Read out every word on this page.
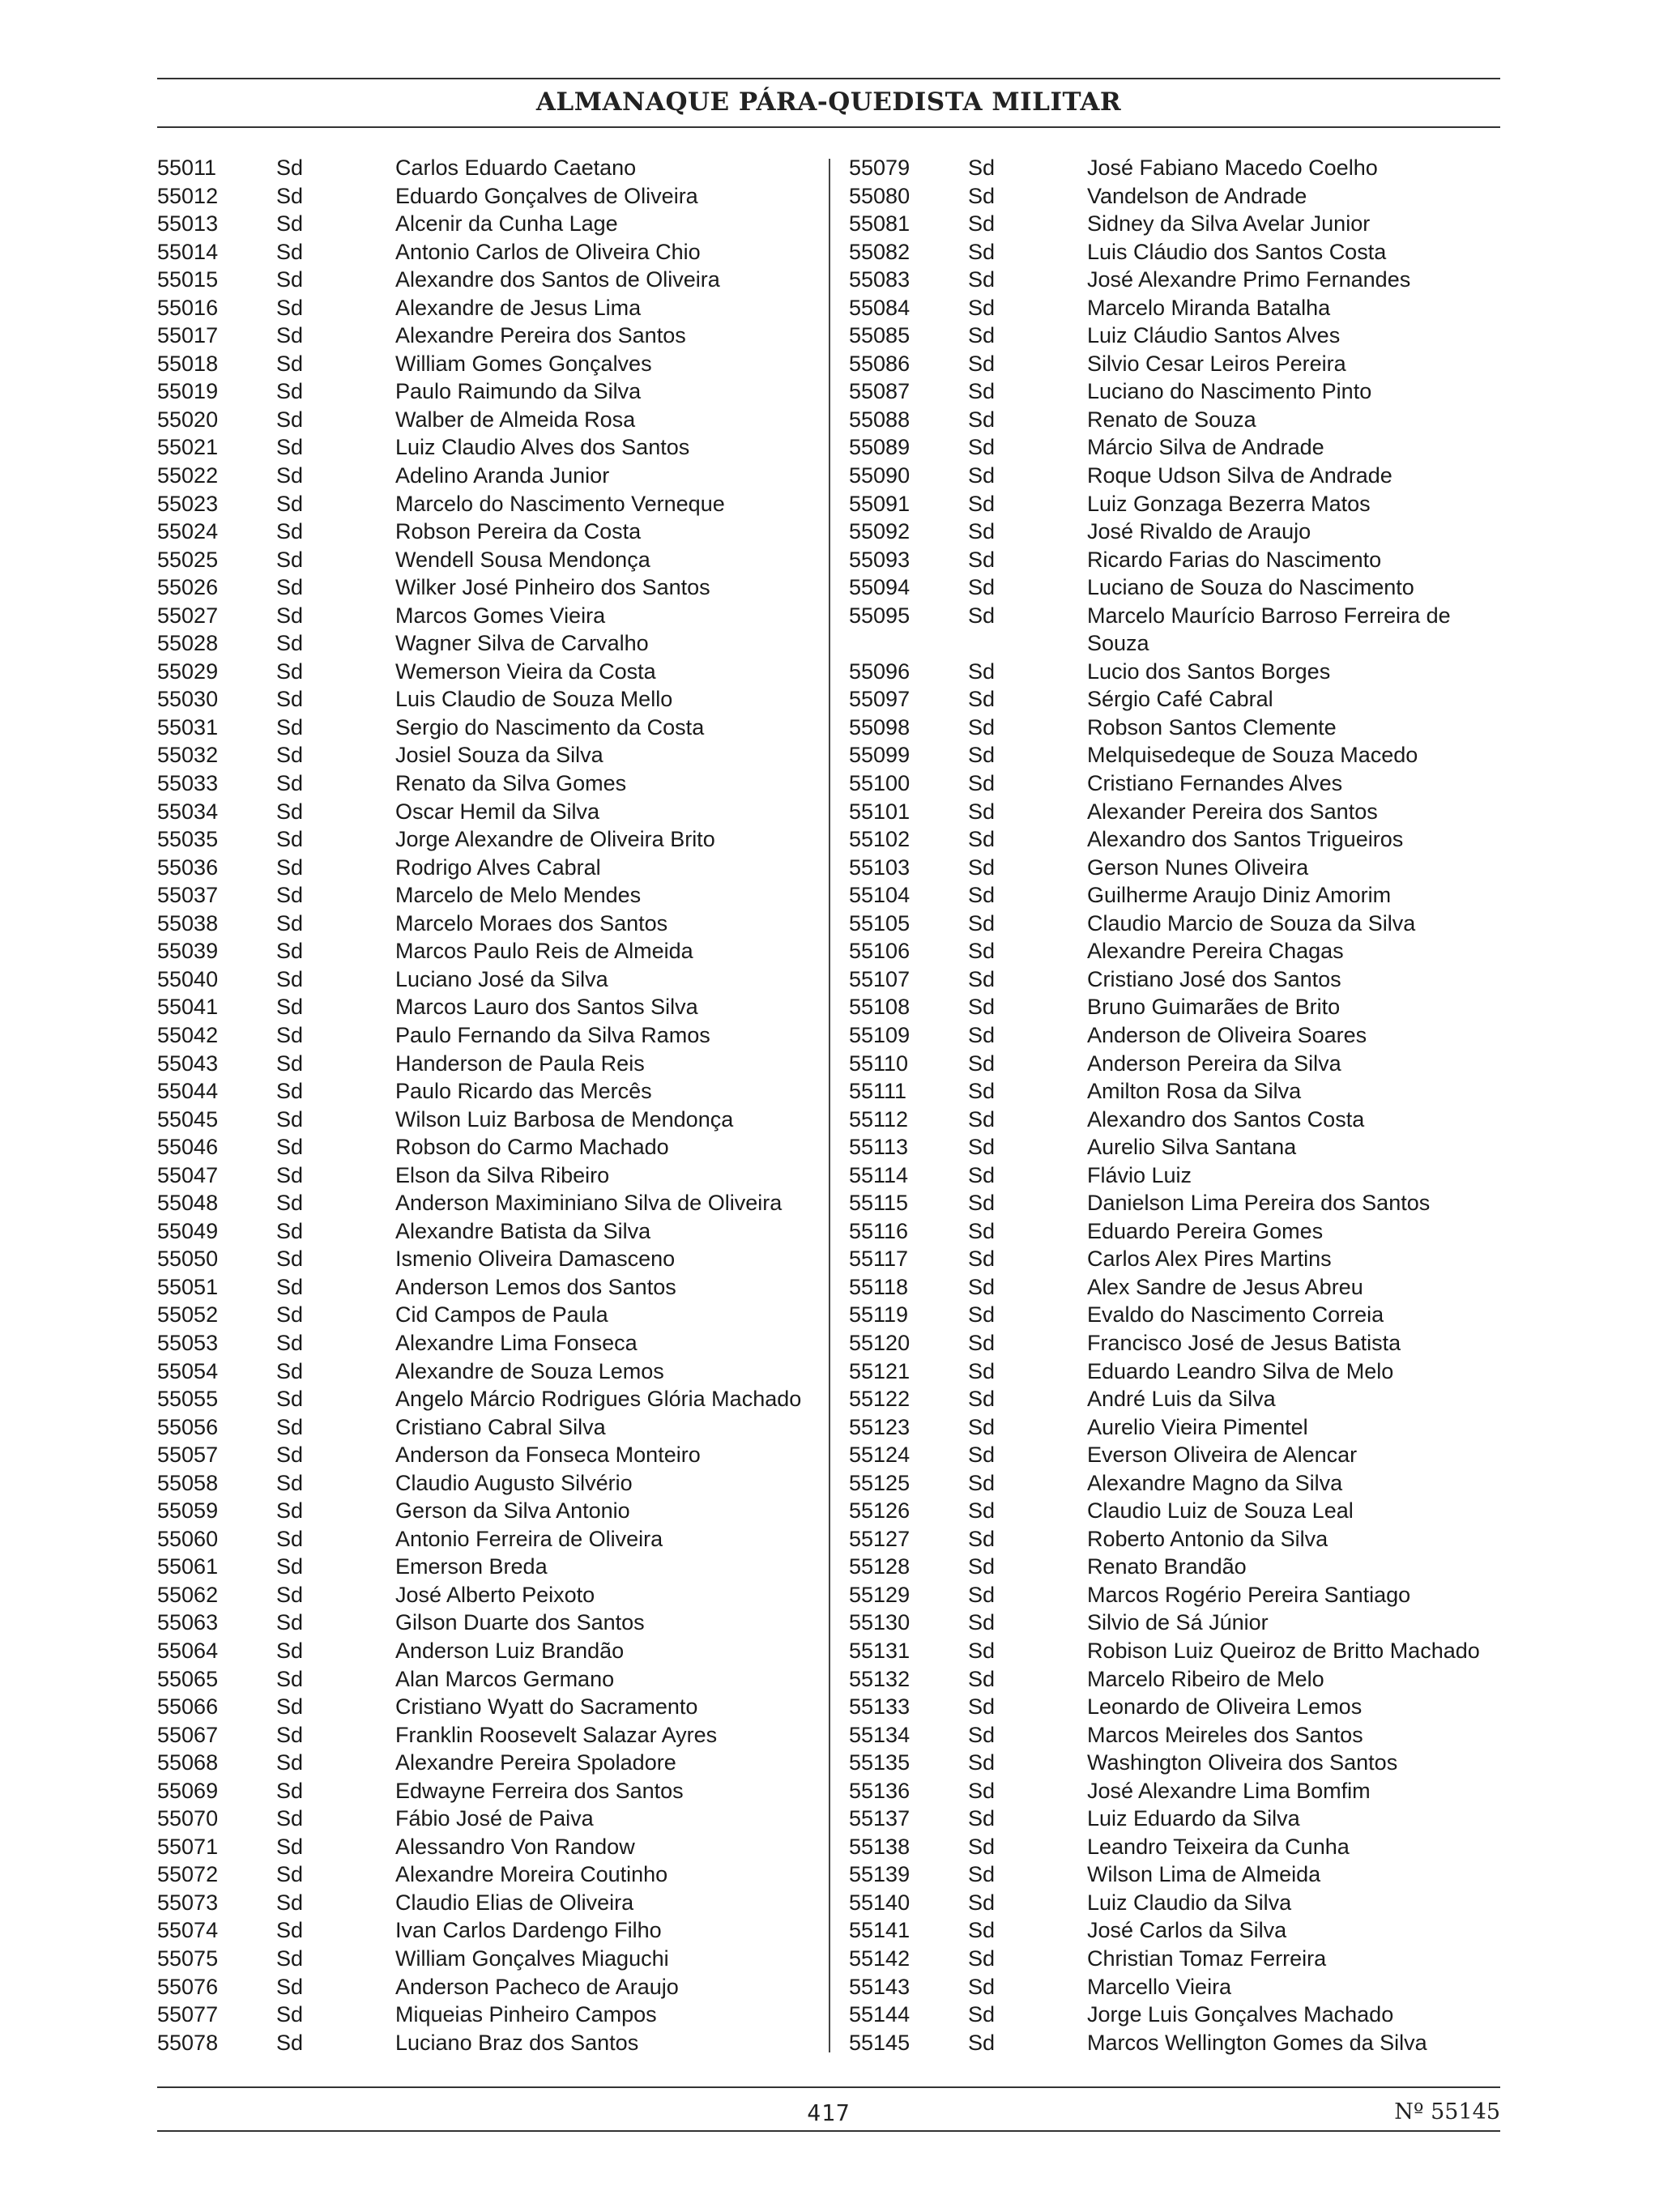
ALMANAQUE PÁRA-QUEDISTA MILITAR
55011	Sd	Carlos Eduardo Caetano
55012	Sd	Eduardo Gonçalves de Oliveira
55013	Sd	Alcenir da Cunha Lage
55014	Sd	Antonio Carlos de Oliveira Chio
55015	Sd	Alexandre dos Santos de Oliveira
55016	Sd	Alexandre de Jesus Lima
55017	Sd	Alexandre Pereira dos Santos
55018	Sd	William Gomes Gonçalves
55019	Sd	Paulo Raimundo da Silva
55020	Sd	Walber de Almeida Rosa
55021	Sd	Luiz Claudio Alves dos Santos
55022	Sd	Adelino Aranda Junior
55023	Sd	Marcelo do Nascimento Verneque
55024	Sd	Robson Pereira da Costa
55025	Sd	Wendell Sousa Mendonça
55026	Sd	Wilker José Pinheiro dos Santos
55027	Sd	Marcos Gomes Vieira
55028	Sd	Wagner Silva de Carvalho
55029	Sd	Wemerson Vieira da Costa
55030	Sd	Luis Claudio de Souza Mello
55031	Sd	Sergio do Nascimento da Costa
55032	Sd	Josiel Souza da Silva
55033	Sd	Renato da Silva Gomes
55034	Sd	Oscar Hemil da Silva
55035	Sd	Jorge Alexandre de Oliveira Brito
55036	Sd	Rodrigo Alves Cabral
55037	Sd	Marcelo de Melo Mendes
55038	Sd	Marcelo Moraes dos Santos
55039	Sd	Marcos Paulo Reis de Almeida
55040	Sd	Luciano José da Silva
55041	Sd	Marcos Lauro dos Santos Silva
55042	Sd	Paulo Fernando da Silva Ramos
55043	Sd	Handerson de Paula Reis
55044	Sd	Paulo Ricardo das Mercês
55045	Sd	Wilson Luiz Barbosa de Mendonça
55046	Sd	Robson do Carmo Machado
55047	Sd	Elson da Silva Ribeiro
55048	Sd	Anderson Maximiniano Silva de Oliveira
55049	Sd	Alexandre Batista da Silva
55050	Sd	Ismenio Oliveira Damasceno
55051	Sd	Anderson Lemos dos Santos
55052	Sd	Cid Campos de Paula
55053	Sd	Alexandre Lima Fonseca
55054	Sd	Alexandre de Souza Lemos
55055	Sd	Angelo Márcio Rodrigues Glória Machado
55056	Sd	Cristiano Cabral Silva
55057	Sd	Anderson da Fonseca Monteiro
55058	Sd	Claudio Augusto Silvério
55059	Sd	Gerson da Silva Antonio
55060	Sd	Antonio Ferreira de Oliveira
55061	Sd	Emerson Breda
55062	Sd	José Alberto Peixoto
55063	Sd	Gilson Duarte dos Santos
55064	Sd	Anderson Luiz Brandão
55065	Sd	Alan Marcos Germano
55066	Sd	Cristiano Wyatt do Sacramento
55067	Sd	Franklin Roosevelt Salazar Ayres
55068	Sd	Alexandre Pereira Spoladore
55069	Sd	Edwayne Ferreira dos Santos
55070	Sd	Fábio José de Paiva
55071	Sd	Alessandro Von Randow
55072	Sd	Alexandre Moreira Coutinho
55073	Sd	Claudio Elias de Oliveira
55074	Sd	Ivan Carlos Dardengo Filho
55075	Sd	William Gonçalves Miaguchi
55076	Sd	Anderson Pacheco de Araujo
55077	Sd	Miqueias Pinheiro Campos
55078	Sd	Luciano Braz dos Santos
55079	Sd	José Fabiano Macedo Coelho
55080	Sd	Vandelson de Andrade
55081	Sd	Sidney da Silva Avelar Junior
55082	Sd	Luis Cláudio dos Santos Costa
55083	Sd	José Alexandre Primo Fernandes
55084	Sd	Marcelo Miranda Batalha
55085	Sd	Luiz Cláudio Santos Alves
55086	Sd	Silvio Cesar Leiros Pereira
55087	Sd	Luciano do Nascimento Pinto
55088	Sd	Renato de Souza
55089	Sd	Márcio Silva de Andrade
55090	Sd	Roque Udson Silva de Andrade
55091	Sd	Luiz Gonzaga Bezerra Matos
55092	Sd	José Rivaldo de Araujo
55093	Sd	Ricardo Farias do Nascimento
55094	Sd	Luciano de Souza do Nascimento
55095	Sd	Marcelo Maurício Barroso Ferreira de Souza
55096	Sd	Lucio dos Santos Borges
55097	Sd	Sérgio Café Cabral
55098	Sd	Robson Santos Clemente
55099	Sd	Melquisedeque de Souza Macedo
55100	Sd	Cristiano Fernandes Alves
55101	Sd	Alexander Pereira dos Santos
55102	Sd	Alexandro dos Santos Trigueiros
55103	Sd	Gerson Nunes Oliveira
55104	Sd	Guilherme Araujo Diniz Amorim
55105	Sd	Claudio Marcio de Souza da Silva
55106	Sd	Alexandre Pereira Chagas
55107	Sd	Cristiano José dos Santos
55108	Sd	Bruno Guimarães de Brito
55109	Sd	Anderson de Oliveira Soares
55110	Sd	Anderson Pereira da Silva
55111	Sd	Amilton Rosa da Silva
55112	Sd	Alexandro dos Santos Costa
55113	Sd	Aurelio Silva Santana
55114	Sd	Flávio Luiz
55115	Sd	Danielson Lima Pereira dos Santos
55116	Sd	Eduardo Pereira Gomes
55117	Sd	Carlos Alex Pires Martins
55118	Sd	Alex Sandre de Jesus Abreu
55119	Sd	Evaldo do Nascimento Correia
55120	Sd	Francisco José de Jesus Batista
55121	Sd	Eduardo Leandro Silva de Melo
55122	Sd	André Luis da Silva
55123	Sd	Aurelio Vieira Pimentel
55124	Sd	Everson Oliveira de Alencar
55125	Sd	Alexandre Magno da Silva
55126	Sd	Claudio Luiz de Souza Leal
55127	Sd	Roberto Antonio da Silva
55128	Sd	Renato Brandão
55129	Sd	Marcos Rogério Pereira Santiago
55130	Sd	Silvio de Sá Júnior
55131	Sd	Robison Luiz Queiroz de Britto Machado
55132	Sd	Marcelo Ribeiro de Melo
55133	Sd	Leonardo de Oliveira Lemos
55134	Sd	Marcos Meireles dos Santos
55135	Sd	Washington Oliveira dos Santos
55136	Sd	José Alexandre Lima Bomfim
55137	Sd	Luiz Eduardo da Silva
55138	Sd	Leandro Teixeira da Cunha
55139	Sd	Wilson Lima de Almeida
55140	Sd	Luiz Claudio da Silva
55141	Sd	José Carlos da Silva
55142	Sd	Christian Tomaz Ferreira
55143	Sd	Marcello Vieira
55144	Sd	Jorge Luis Gonçalves Machado
55145	Sd	Marcos Wellington Gomes da Silva
417	Nº 55145
